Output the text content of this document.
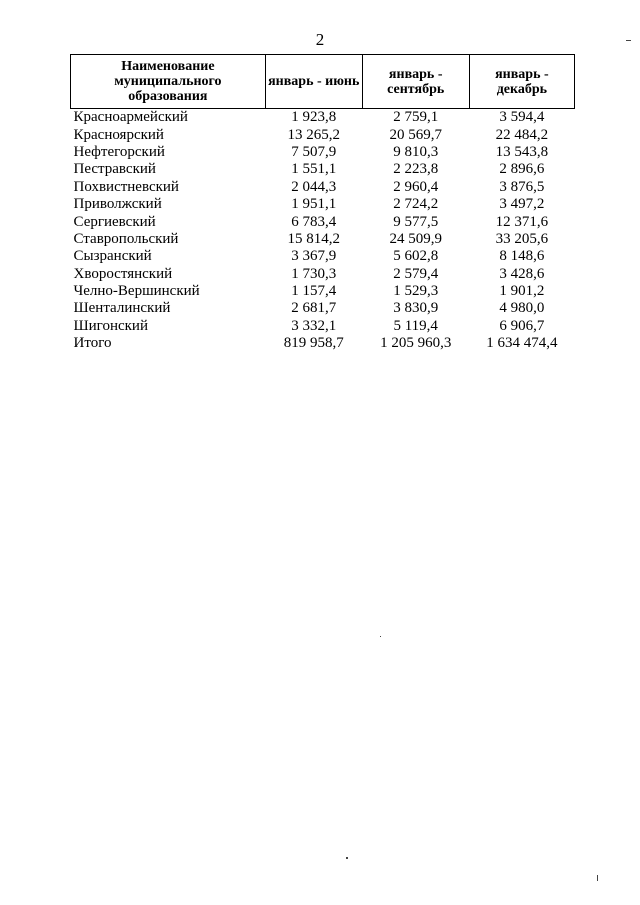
2
Наименование муниципального образования	январь - июнь	январь - сентябрь	январь - декабрь
Красноармейский	1 923,8	2 759,1	3 594,4
Красноярский	13 265,2	20 569,7	22 484,2
Нефтегорский	7 507,9	9 810,3	13 543,8
Пестравский	1 551,1	2 223,8	2 896,6
Похвистневский	2 044,3	2 960,4	3 876,5
Приволжский	1 951,1	2 724,2	3 497,2
Сергиевский	6 783,4	9 577,5	12 371,6
Ставропольский	15 814,2	24 509,9	33 205,6
Сызранский	3 367,9	5 602,8	8 148,6
Хворостянский	1 730,3	2 579,4	3 428,6
Челно-Вершинский	1 157,4	1 529,3	1 901,2
Шенталинский	2 681,7	3 830,9	4 980,0
Шигонский	3 332,1	5 119,4	6 906,7
Итого	819 958,7	1 205 960,3	1 634 474,4
